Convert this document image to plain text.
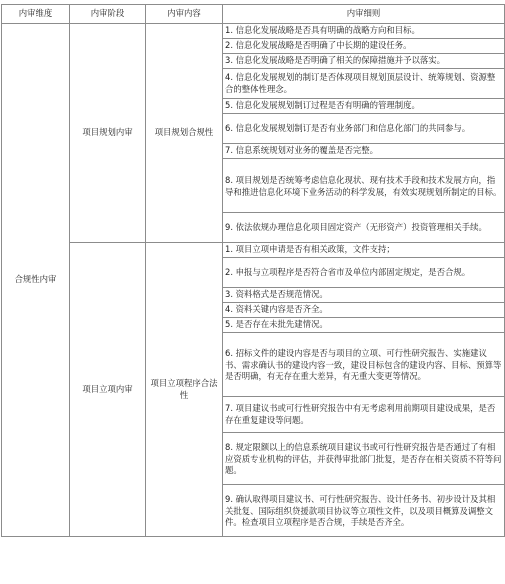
内审维度	内审阶段	内审内容	内审细则
合规性内审	项目规划内审	项目规划合规性	1. 信息化发展战略是否具有明确的战略方向和目标。
			2. 信息化发展战略是否明确了中长期的建设任务。
			3. 信息化发展战略是否明确了相关的保障措施并予以落实。
			4. 信息化发展规划的制订是否体现项目规划顶层设计、统筹规划、资源整合的整体性理念。
			5. 信息化发展规划制订过程是否有明确的管理制度。
			6. 信息化发展规划制订是否有业务部门和信息化部门的共同参与。
			7. 信息系统规划对业务的覆盖是否完整。
			8. 项目规划是否统筹考虑信息化现状、现有技术手段和技术发展方向，指导和推进信息化环境下业务活动的科学发展，有效实现规划所制定的目标。
			9. 依法依规办理信息化项目固定资产（无形资产）投资管理相关手续。
	项目立项内审	项目立项程序合法性	1. 项目立项申请是否有相关政策，文件支持；
			2. 申报与立项程序是否符合省市及单位内部固定规定，是否合规。
			3. 资料格式是否规范情况。
			4. 资料关键内容是否齐全。
			5. 是否存在未批先建情况。
			6. 招标文件的建设内容是否与项目的立项、可行性研究报告、实施建议书、需求确认书的建设内容一致，建设目标包含的建设内容、目标、预算等是否明确，有无存在重大差异，有无重大变更等情况。
			7. 项目建议书或可行性研究报告中有无考虑利用前期项目建设成果，是否存在重复建设等问题。
			8. 规定限额以上的信息系统项目建议书或可行性研究报告是否通过了有相应资质专业机构的评估，并获得审批部门批复，是否存在相关资质不符等问题。
			9. 确认取得项目建议书、可行性研究报告、设计任务书、初步设计及其相关批复、国际组织贷援款项目协议等立项性文件，以及项目概算及调整文件。检查项目立项程序是否合规，手续是否齐全。
